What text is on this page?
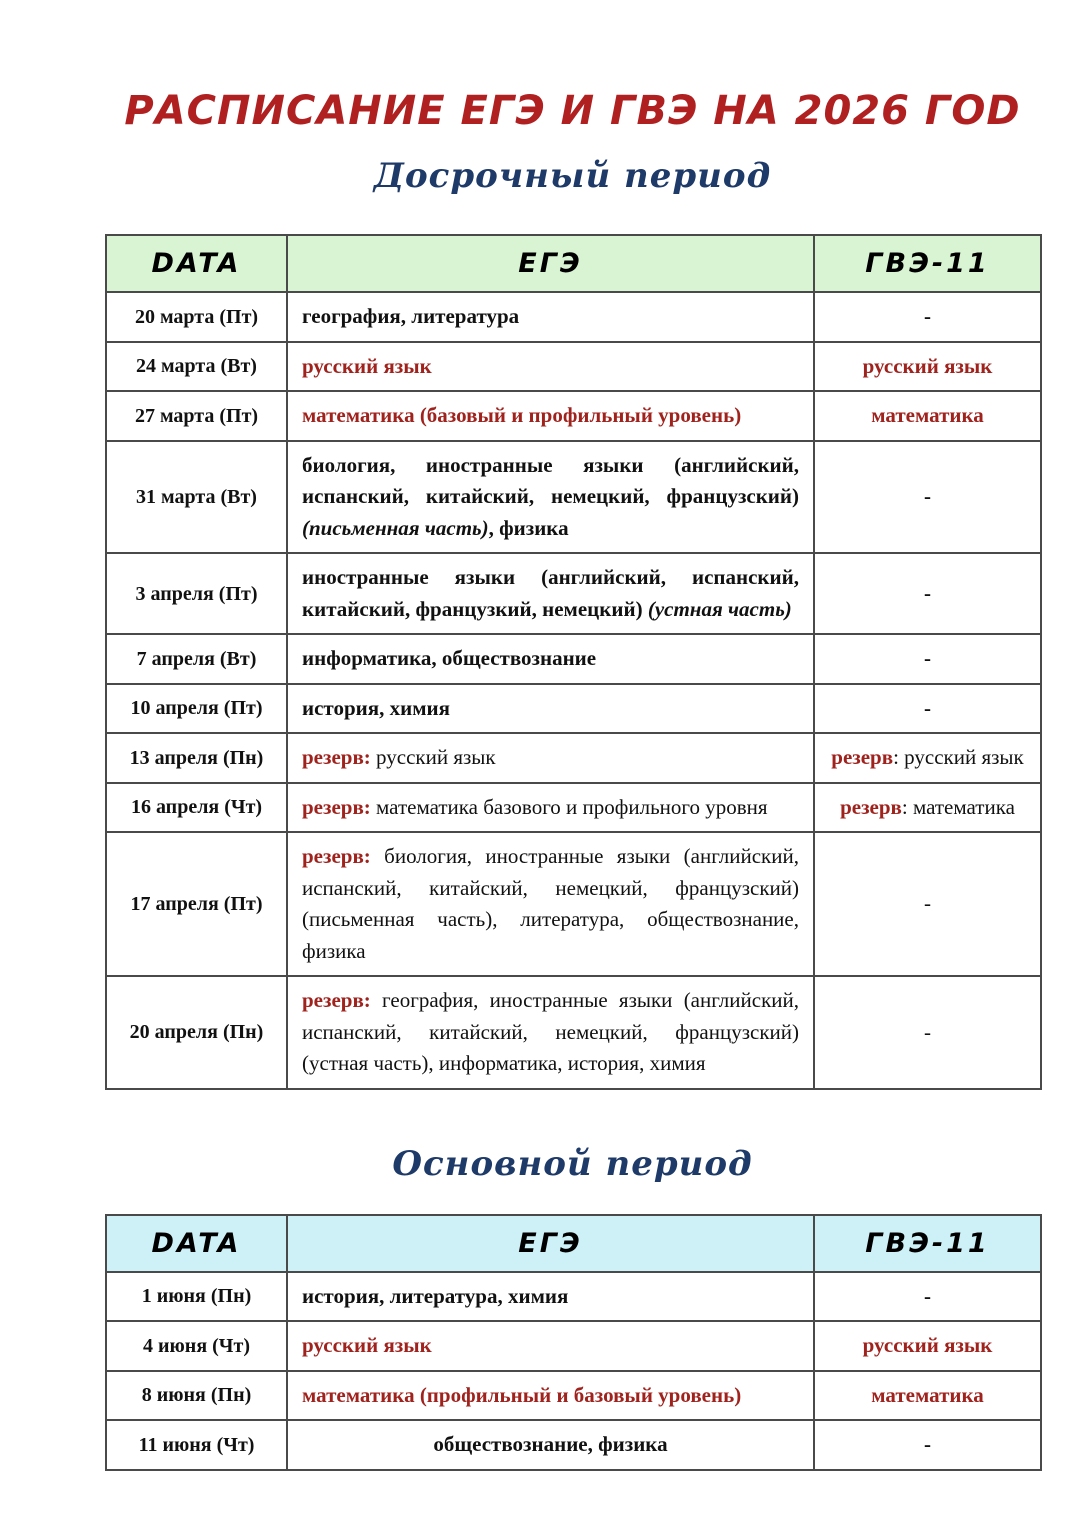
РАСПИСАНИЕ ЕГЭ И ГВЭ НА 2026 ГОD
Досрочный период
DATA	ЕГЭ	ГВЭ-11
20 марта (Пт)	география, литература	-
24 марта (Вт)	русский язык	русский язык
27 марта (Пт)	математика (базовый и профильный уровень)	математика
31 марта (Вт)	биология, иностранные языки (английский, испанский, китайский, немецкий, французский) (письменная часть), физика	-
3 апреля (Пт)	иностранные языки (английский, испанский, китайский, французкий, немецкий) (устная часть)	-
7 апреля (Вт)	информатика, обществознание	-
10 апреля (Пт)	история, химия	-
13 апреля (Пн)	резерв: русский язык	резерв: русский язык
16 апреля (Чт)	резерв: математика базового и профильного уровня	резерв: математика
17 апреля (Пт)	резерв: биология, иностранные языки (английский, испанский, китайский, немецкий, французский) (письменная часть), литература, обществознание, физика	-
20 апреля (Пн)	резерв: география, иностранные языки (английский, испанский, китайский, немецкий, французский) (устная часть), информатика, история, химия	-
Основной период
DATA	ЕГЭ	ГВЭ-11
1 июня (Пн)	история, литература, химия	-
4 июня (Чт)	русский язык	русский язык
8 июня (Пн)	математика (профильный и базовый уровень)	математика
11 июня (Чт)	обществознание, физика	-
